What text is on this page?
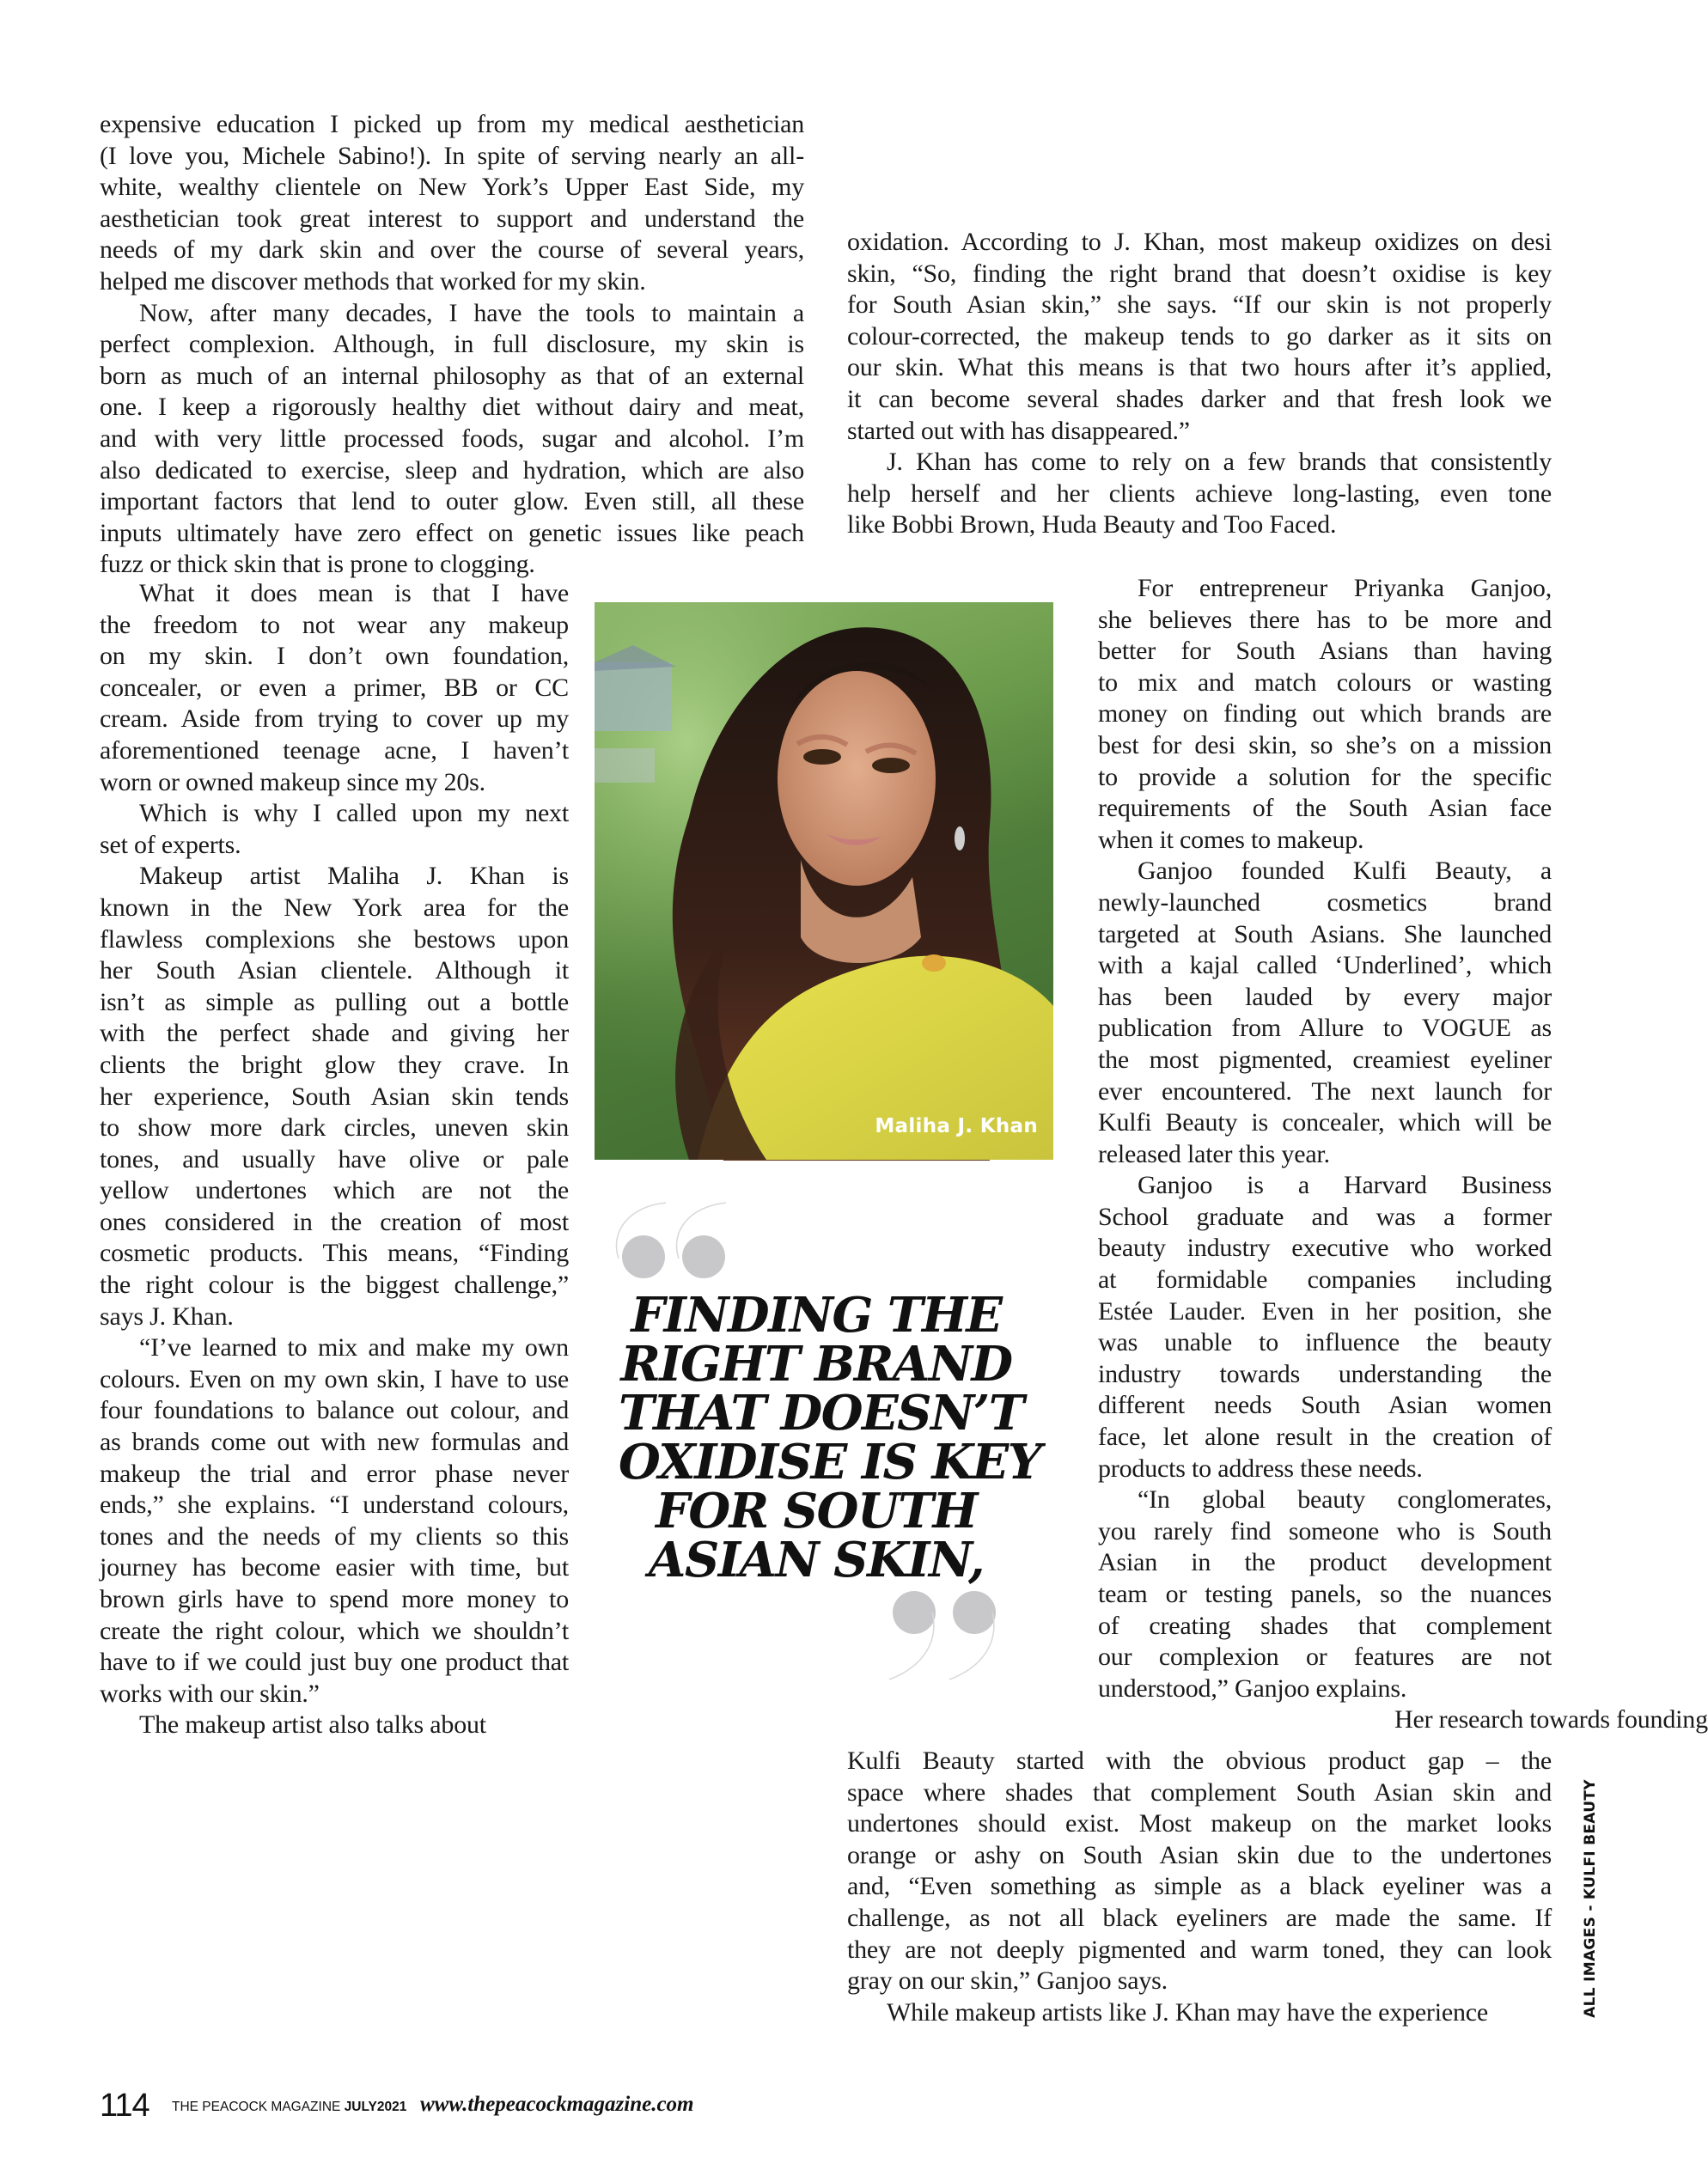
expensive education I picked up from my medical aesthetician
(I love you, Michele Sabino!). In spite of serving nearly an all-
white, wealthy clientele on New York’s Upper East Side, my
aesthetician took great interest to support and understand the
needs of my dark skin and over the course of several years,
helped me discover methods that worked for my skin.
Now, after many decades, I have the tools to maintain a
perfect complexion. Although, in full disclosure, my skin is
born as much of an internal philosophy as that of an external
one. I keep a rigorously healthy diet without dairy and meat,
and with very little processed foods, sugar and alcohol. I’m
also dedicated to exercise, sleep and hydration, which are also
important factors that lend to outer glow. Even still, all these
inputs ultimately have zero effect on genetic issues like peach
fuzz or thick skin that is prone to clogging.
What it does mean is that I have
the freedom to not wear any makeup
on my skin. I don’t own foundation,
concealer, or even a primer, BB or CC
cream. Aside from trying to cover up my
aforementioned teenage acne, I haven’t
worn or owned makeup since my 20s.
Which is why I called upon my next
set of experts.
Makeup artist Maliha J. Khan is
known in the New York area for the
flawless complexions she bestows upon
her South Asian clientele. Although it
isn’t as simple as pulling out a bottle
with the perfect shade and giving her
clients the bright glow they crave. In
her experience, South Asian skin tends
to show more dark circles, uneven skin
tones, and usually have olive or pale
yellow undertones which are not the
ones considered in the creation of most
cosmetic products. This means, “Finding
the right colour is the biggest challenge,”
says J. Khan.
“I’ve learned to mix and make my own
colours. Even on my own skin, I have to use
four foundations to balance out colour, and
as brands come out with new formulas and
makeup the trial and error phase never
ends,” she explains. “I understand colours,
tones and the needs of my clients so this
journey has become easier with time, but
brown girls have to spend more money to
create the right colour, which we shouldn’t
have to if we could just buy one product that
works with our skin.”
The makeup artist also talks about
oxidation. According to J. Khan, most makeup oxidizes on desi
skin, “So, finding the right brand that doesn’t oxidise is key
for South Asian skin,” she says. “If our skin is not properly
colour-corrected, the makeup tends to go darker as it sits on
our skin. What this means is that two hours after it’s applied,
it can become several shades darker and that fresh look we
started out with has disappeared.”
J. Khan has come to rely on a few brands that consistently
help herself and her clients achieve long-lasting, even tone
like Bobbi Brown, Huda Beauty and Too Faced.
For entrepreneur Priyanka Ganjoo,
she believes there has to be more and
better for South Asians than having
to mix and match colours or wasting
money on finding out which brands are
best for desi skin, so she’s on a mission
to provide a solution for the specific
requirements of the South Asian face
when it comes to makeup.
Ganjoo founded Kulfi Beauty, a
newly-launched cosmetics brand
targeted at South Asians. She launched
with a kajal called ‘Underlined’, which
has been lauded by every major
publication from Allure to VOGUE as
the most pigmented, creamiest eyeliner
ever encountered. The next launch for
Kulfi Beauty is concealer, which will be
released later this year.
Ganjoo is a Harvard Business
School graduate and was a former
beauty industry executive who worked
at formidable companies including
Estée Lauder. Even in her position, she
was unable to influence the beauty
industry towards understanding the
different needs South Asian women
face, let alone result in the creation of
products to address these needs.
“In global beauty conglomerates,
you rarely find someone who is South
Asian in the product development
team or testing panels, so the nuances
of creating shades that complement
our complexion or features are not
understood,” Ganjoo explains.
Her research towards founding
Kulfi Beauty started with the obvious product gap – the
space where shades that complement South Asian skin and
undertones should exist. Most makeup on the market looks
orange or ashy on South Asian skin due to the undertones
and, “Even something as simple as a black eyeliner was a
challenge, as not all black eyeliners are made the same. If
they are not deeply pigmented and warm toned, they can look
gray on our skin,” Ganjoo says.
While makeup artists like J. Khan may have the experience
Maliha J. Khan
FINDING THE
RIGHT BRAND
THAT DOESN’T
OXIDISE IS KEY
FOR SOUTH
ASIAN SKIN,
114 THE PEACOCK MAGAZINE JULY2021 www.thepeacockmagazine.com
ALL IMAGES - KULFI BEAUTY
